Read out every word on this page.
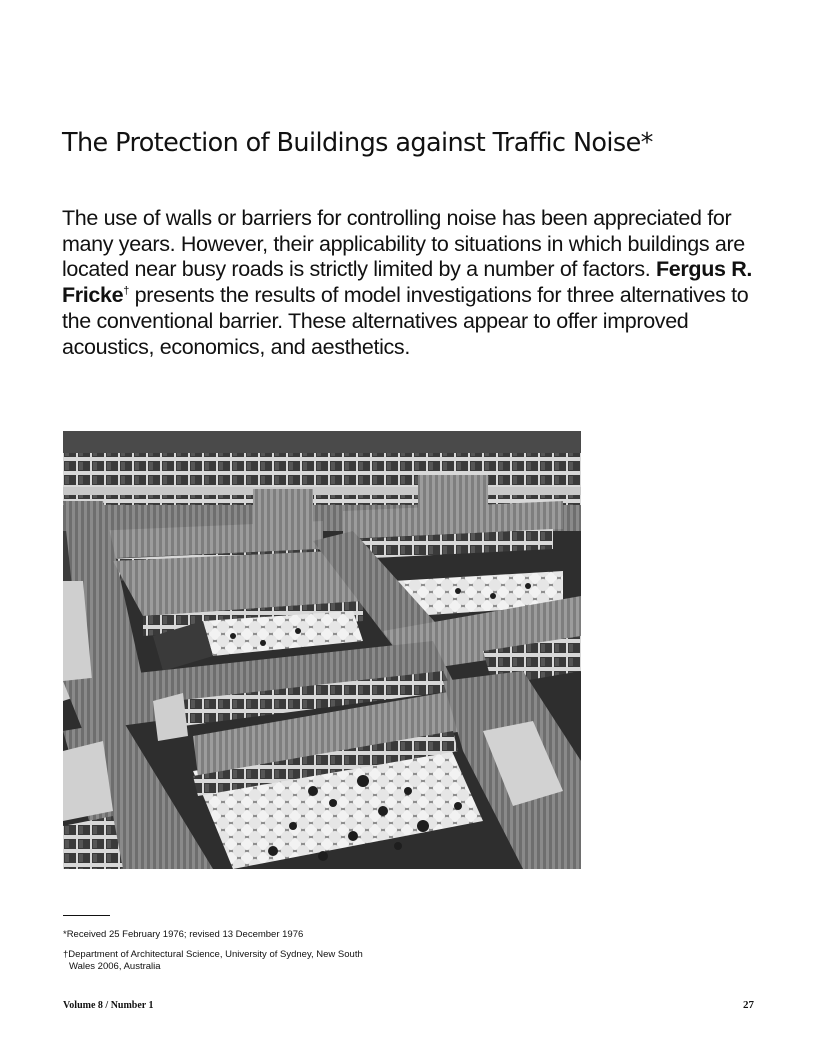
The Protection of Buildings against Traffic Noise*

The use of walls or barriers for controlling noise has been appreciated for many years. However, their applicability to situations in which buildings are located near busy roads is strictly limited by a number of factors. Fergus R. Fricke† presents the results of model investigations for three alternatives to the conventional barrier. These alternatives appear to offer improved acoustics, economics, and aesthetics.

*Received 25 February 1976; revised 13 December 1976

†Department of Architectural Science, University of Sydney, New South
Wales 2006, Australia

Volume 8 / Number 1	27
